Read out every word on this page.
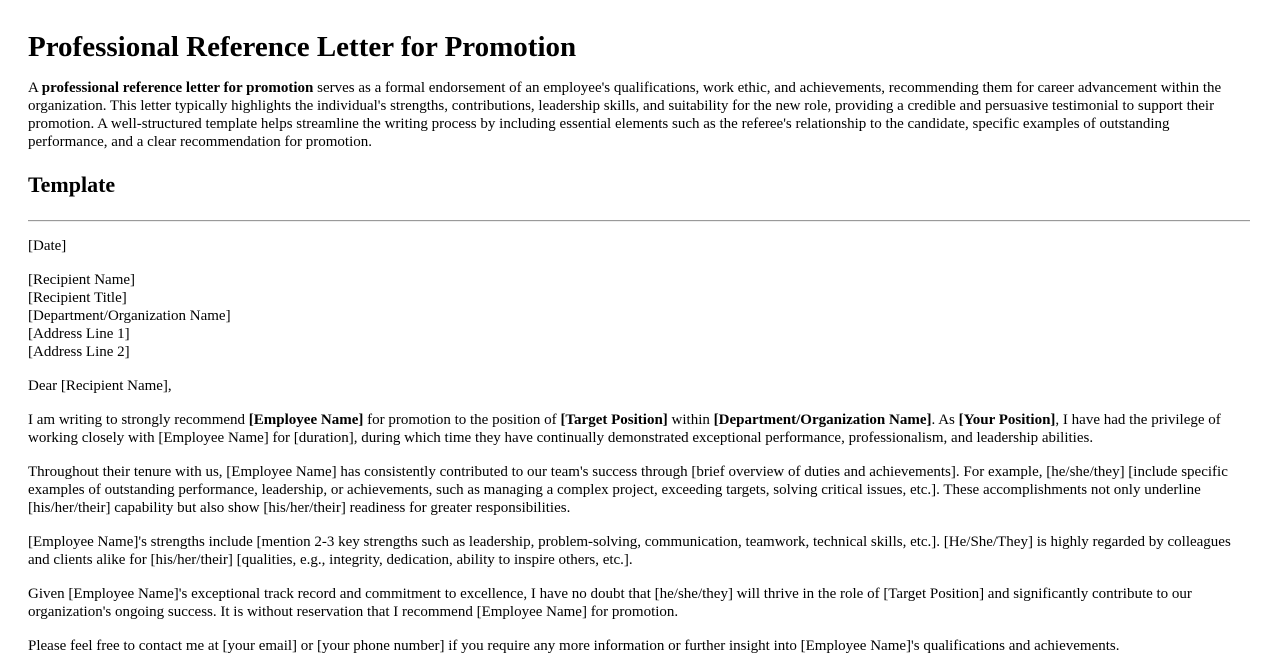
Professional Reference Letter for Promotion

A professional reference letter for promotion serves as a formal endorsement of an employee's qualifications, work ethic, and achievements, recommending them for career advancement within the organization. This letter typically highlights the individual's strengths, contributions, leadership skills, and suitability for the new role, providing a credible and persuasive testimonial to support their promotion. A well-structured template helps streamline the writing process by including essential elements such as the referee's relationship to the candidate, specific examples of outstanding performance, and a clear recommendation for promotion.

Template

[Date]

[Recipient Name]
[Recipient Title]
[Department/Organization Name]
[Address Line 1]
[Address Line 2]

Dear [Recipient Name],

I am writing to strongly recommend [Employee Name] for promotion to the position of [Target Position] within [Department/Organization Name]. As [Your Position], I have had the privilege of working closely with [Employee Name] for [duration], during which time they have continually demonstrated exceptional performance, professionalism, and leadership abilities.

Throughout their tenure with us, [Employee Name] has consistently contributed to our team's success through [brief overview of duties and achievements]. For example, [he/she/they] [include specific examples of outstanding performance, leadership, or achievements, such as managing a complex project, exceeding targets, solving critical issues, etc.]. These accomplishments not only underline [his/her/their] capability but also show [his/her/their] readiness for greater responsibilities.

[Employee Name]'s strengths include [mention 2-3 key strengths such as leadership, problem-solving, communication, teamwork, technical skills, etc.]. [He/She/They] is highly regarded by colleagues and clients alike for [his/her/their] [qualities, e.g., integrity, dedication, ability to inspire others, etc.].

Given [Employee Name]'s exceptional track record and commitment to excellence, I have no doubt that [he/she/they] will thrive in the role of [Target Position] and significantly contribute to our organization's ongoing success. It is without reservation that I recommend [Employee Name] for promotion.

Please feel free to contact me at [your email] or [your phone number] if you require any more information or further insight into [Employee Name]'s qualifications and achievements.
